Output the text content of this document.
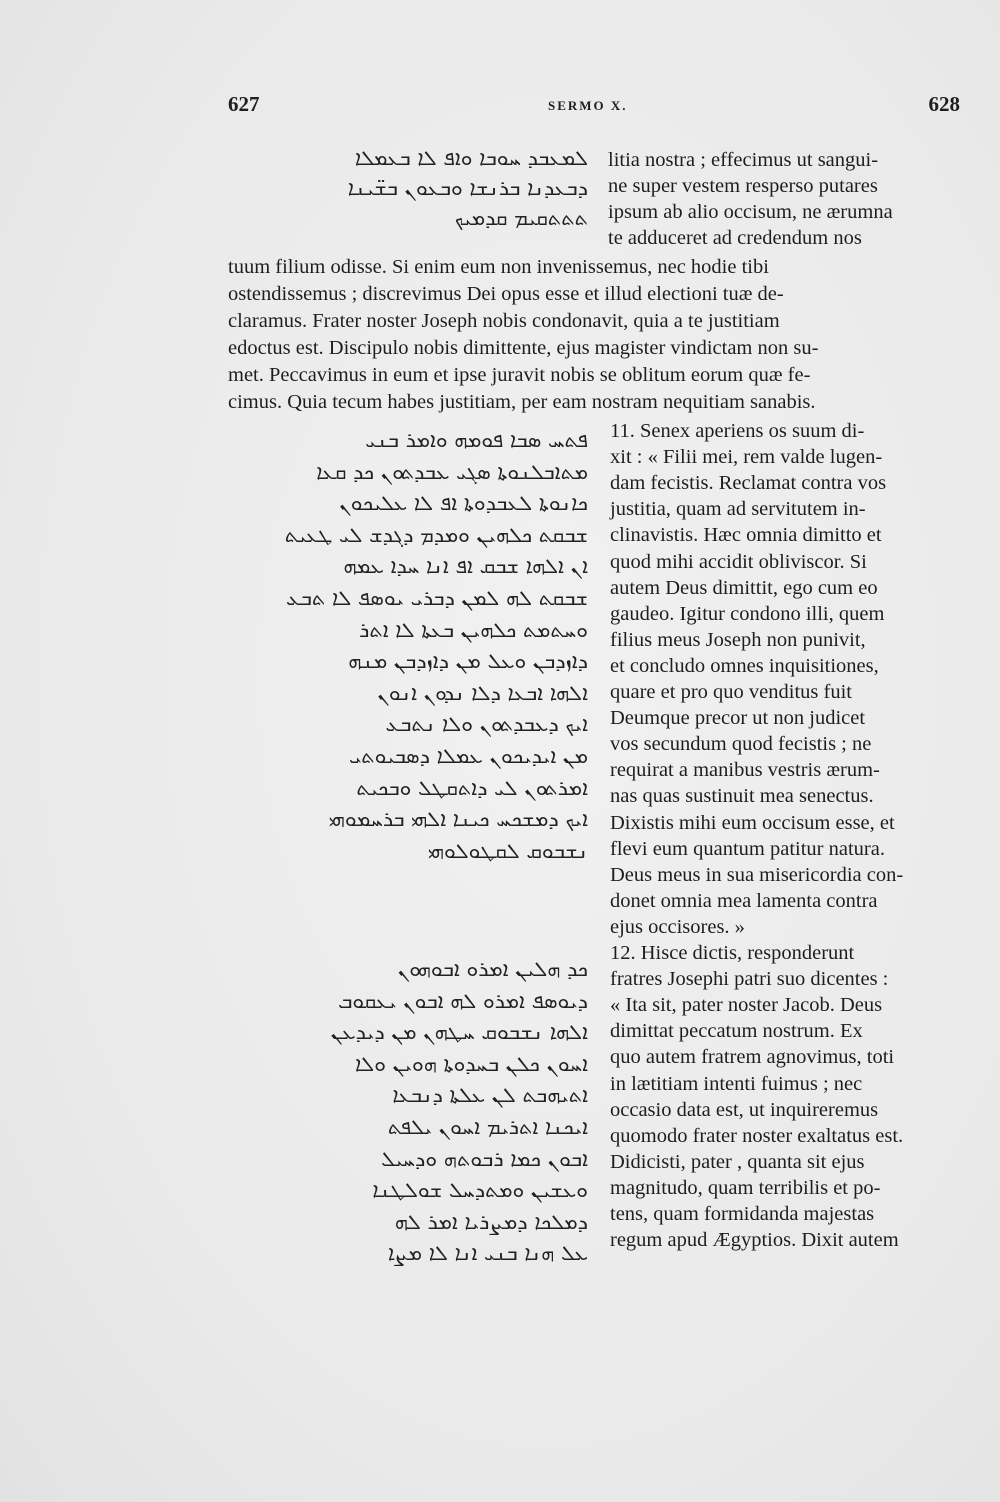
627	SERMO X.	628
ܠܡܥܒܕ ܚܘܒܐ ܘܐܦ ܠܐ ܒܥܡܠܐ
ܕܒܥܕܢܐ ܒܪܢܫܐ ܘܒܥܘܢ ܒܫ̈ܝܢܐ
ܬܬܬܩܝܡ ܩܕܡܝܟ
litia nostra ; effecimus ut sangui-
ne super vestem resperso putares
ipsum ab alio occisum, ne ærumna
te adduceret ad credendum nos
tuum filium odisse. Si enim eum non invenissemus, nec hodie tibi
ostendissemus ; discrevimus Dei opus esse et illud electioni tuæ de-
claramus. Frater noster Joseph nobis condonavit, quia a te justitiam
edoctus est. Discipulo nobis dimittente, ejus magister vindictam non su-
met. Peccavimus in eum et ipse juravit nobis se oblitum eorum quæ fe-
cimus. Quia tecum habes justitiam, per eam nostram nequitiam sanabis.
ܦܬܚ ܣܒܐ ܦܘܡܗ ܘܐܡܪ ܒܢܝ
ܡܬܐܒܠܢܘܬܐ ܣܓܝ ܥܒܕܬܘܢ ܟܕ ܩܥܐ
ܟܐܢܘܬܐ ܠܥܒܕܘܬܐ ܐܦ ܠܐ ܥܠܝܟܘܢ
ܫܒܩܬ ܟܠܗܝܢ ܘܡܕܡ ܕܓܕܫ ܠܝ ܛܥܝܬ
ܐܢ ܐܠܗܐ ܫܒܩ ܐܦ ܐܢܐ ܚܕܐ ܥܡܗ
ܫܒܩܬ ܠܗ ܠܡܢ ܕܒܪܝ ܝܘܣܦ ܠܐ ܬܒܥ
ܘܚܬܡܬ ܟܠܗܝܢ ܒܥܬܐ ܠܐ ܐܬܪ
ܕܐܙܕܒܢ ܘܥܠ ܡܢ ܕܐܙܕܒܢ ܡܢܗ
ܐܠܗܐ ܐܒܥܐ ܕܠܐ ܢܕܘܢ ܐܢܘܢ
ܐܝܟ ܕܥܒܕܬܘܢ ܘܠܐ ܢܬܒܥ
ܡܢ ܐܝܕܝܟܘܢ ܥܡܠܐ ܕܣܒܝܘܬܝ
ܐܡܪܬܘܢ ܠܝ ܕܐܬܩܛܠ ܘܒܟܝܬ
ܐܝܟ ܕܡܫܟܚ ܟܝܢܐ ܐܠܗܝ ܒܪܚܡܘܗܝ
ܢܫܒܘܩ ܠܩܛܘܠܘܗܝ
11. Senex aperiens os suum di-
xit : « Filii mei, rem valde lugen-
dam fecistis. Reclamat contra vos
justitia, quam ad servitutem in-
clinavistis. Hæc omnia dimitto et
quod mihi accidit obliviscor. Si
autem Deus dimittit, ego cum eo
gaudeo. Igitur condono illi, quem
filius meus Joseph non punivit,
et concludo omnes inquisitiones,
quare et pro quo venditus fuit
Deumque precor ut non judicet
vos secundum quod fecistis ; ne
requirat a manibus vestris ærum-
nas quas sustinuit mea senectus.
Dixistis mihi eum occisum esse, et
flevi eum quantum patitur natura.
Deus meus in sua misericordia con-
donet omnia mea lamenta contra
ejus occisores. »
12. Hisce dictis, responderunt
fratres Josephi patri suo dicentes :
« Ita sit, pater noster Jacob. Deus
dimittat peccatum nostrum. Ex
quo autem fratrem agnovimus, toti
in lætitiam intenti fuimus ; nec
occasio data est, ut inquireremus
quomodo frater noster exaltatus est.
Didicisti, pater , quanta sit ejus
magnitudo, quam terribilis et po-
tens, quam formidanda majestas
regum apud Ægyptios. Dixit autem
ܟܕ ܗܠܝܢ ܐܡܪܘ ܐܒܘܗܘܢ
ܕܝܘܣܦ ܐܡܪܘ ܠܗ ܐܒܘܢ ܝܥܩܘܒ
ܐܠܗܐ ܢܫܒܘܩ ܚܛܗܢ ܡܢ ܕܝܕܥܢ
ܐܚܘܢ ܟܠܢ ܒܚܕܘܬܐ ܗܘܝܢ ܘܠܐ
ܐܬܝܗܒܬ ܠܢ ܥܠܬܐ ܕܢܒܥܐ
ܐܝܟܢܐ ܐܬܪܝܡ ܐܚܘܢ ܝܠܦܬ
ܐܒܘܢ ܟܡܐ ܪܒܘܬܗ ܘܕܚܝܠ
ܘܥܫܝܢ ܘܡܬܕܚܠ ܫܘܠܛܢܐ
ܕܡܠܟܐ ܕܡܨܪܝܐ ܐܡܪ ܠܗ
ܥܠ ܗܢܐ ܒܢܝ ܐܢܐ ܠܐ ܡܨܐ
